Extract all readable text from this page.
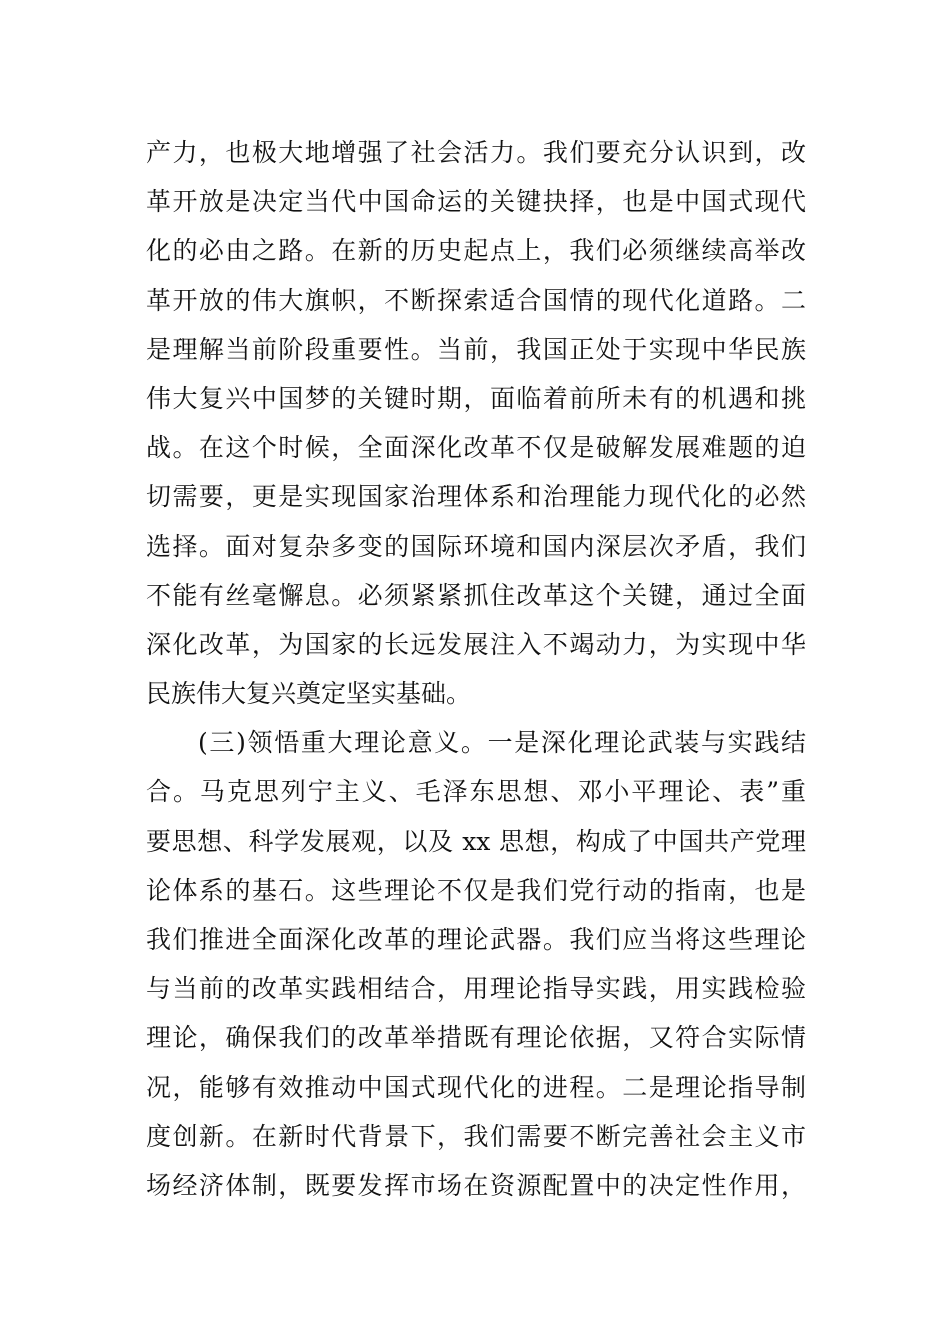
产力，也极大地增强了社会活力。我们要充分认识到，改
革开放是决定当代中国命运的关键抉择，也是中国式现代
化的必由之路。在新的历史起点上，我们必须继续高举改
革开放的伟大旗帜，不断探索适合国情的现代化道路。二
是理解当前阶段重要性。当前，我国正处于实现中华民族
伟大复兴中国梦的关键时期，面临着前所未有的机遇和挑
战。在这个时候，全面深化改革不仅是破解发展难题的迫
切需要，更是实现国家治理体系和治理能力现代化的必然
选择。面对复杂多变的国际环境和国内深层次矛盾，我们
不能有丝毫懈息。必须紧紧抓住改革这个关键，通过全面
深化改革，为国家的长远发展注入不竭动力，为实现中华
民族伟大复兴奠定坚实基础。
(三)领悟重大理论意义。一是深化理论武装与实践结
合。马克思列宁主义、毛泽东思想、邓小平理论、表”重
要思想、科学发展观，以及 xx 思想，构成了中国共产党理
论体系的基石。这些理论不仅是我们党行动的指南，也是
我们推进全面深化改革的理论武器。我们应当将这些理论
与当前的改革实践相结合，用理论指导实践，用实践检验
理论，确保我们的改革举措既有理论依据，又符合实际情
况，能够有效推动中国式现代化的进程。二是理论指导制
度创新。在新时代背景下，我们需要不断完善社会主义市
场经济体制，既要发挥市场在资源配置中的决定性作用，
